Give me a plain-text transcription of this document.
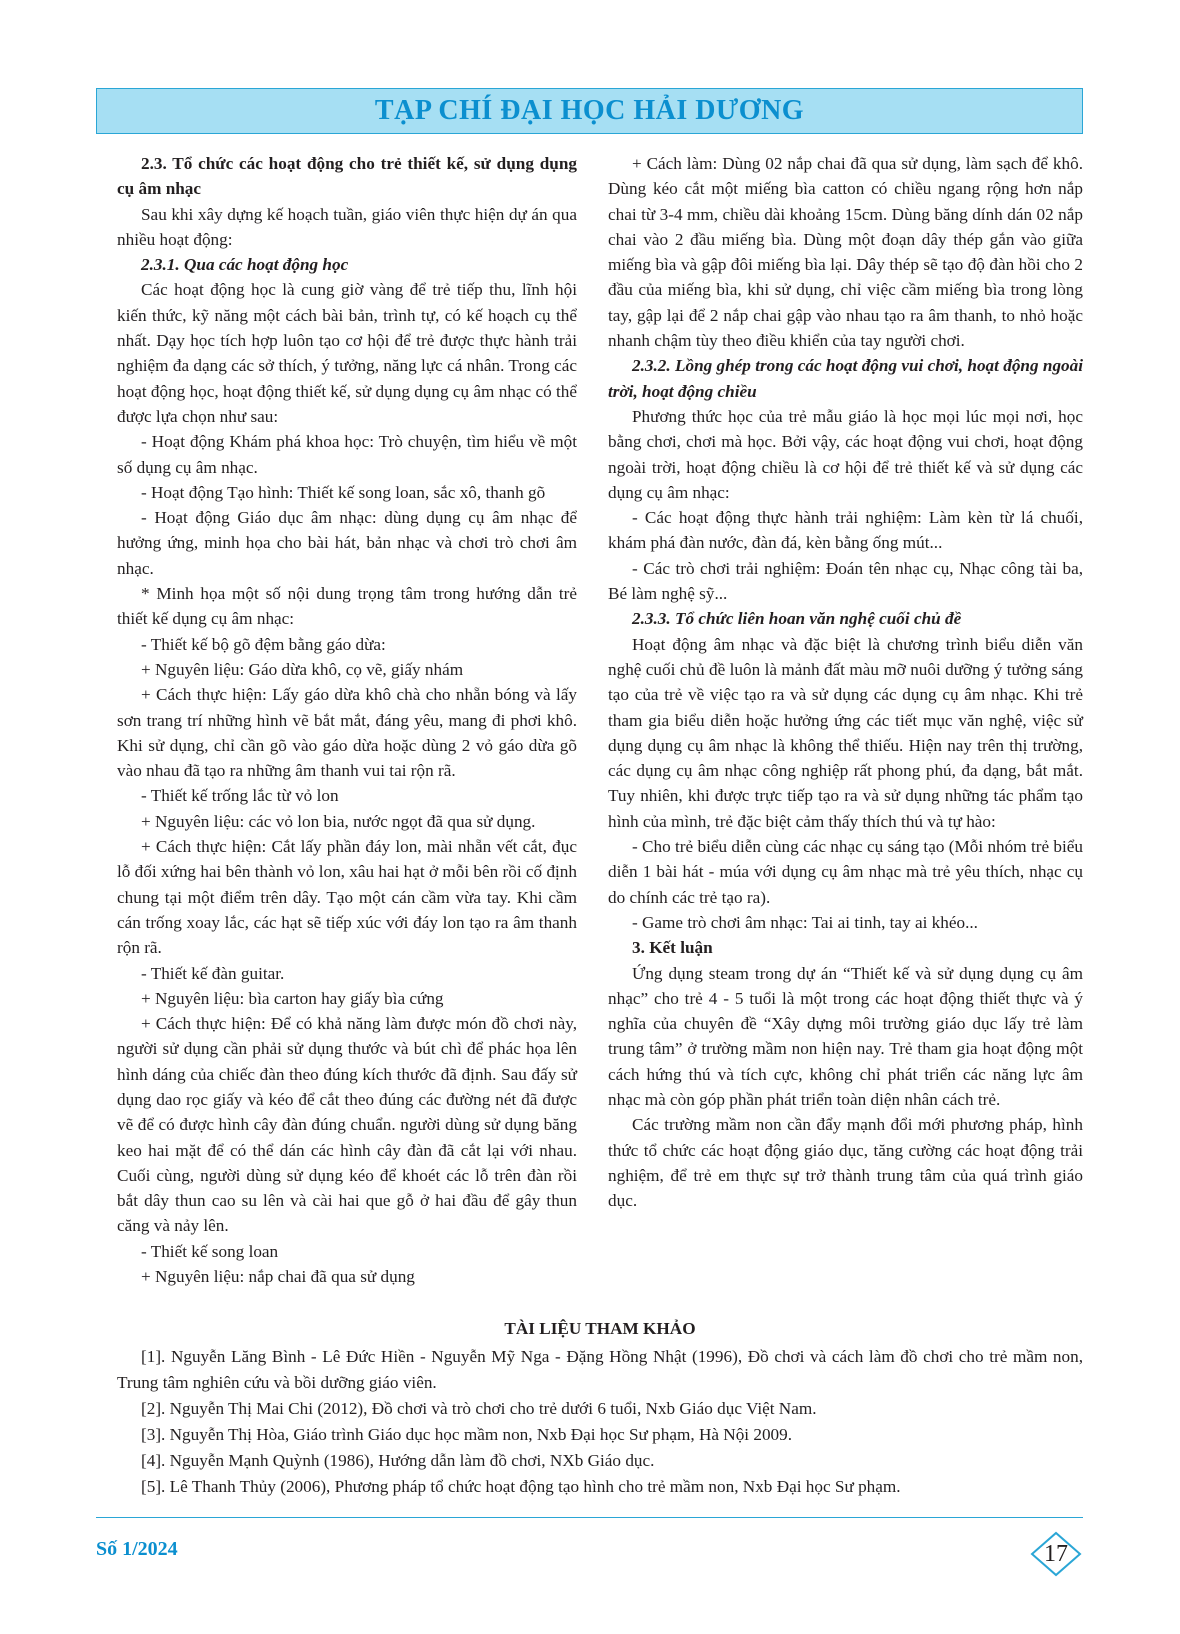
TẠP CHÍ ĐẠI HỌC HẢI DƯƠNG

2.3. Tổ chức các hoạt động cho trẻ thiết kế, sử dụng dụng cụ âm nhạc

Sau khi xây dựng kế hoạch tuần, giáo viên thực hiện dự án qua nhiều hoạt động:

2.3.1. Qua các hoạt động học

Các hoạt động học là cung giờ vàng để trẻ tiếp thu, lĩnh hội kiến thức, kỹ năng một cách bài bản, trình tự, có kế hoạch cụ thể nhất. Dạy học tích hợp luôn tạo cơ hội để trẻ được thực hành trải nghiệm đa dạng các sở thích, ý tưởng, năng lực cá nhân. Trong các hoạt động học, hoạt động thiết kế, sử dụng dụng cụ âm nhạc có thể được lựa chọn như sau:

- Hoạt động Khám phá khoa học: Trò chuyện, tìm hiểu về một số dụng cụ âm nhạc.

- Hoạt động Tạo hình: Thiết kế song loan, sắc xô, thanh gõ

- Hoạt động Giáo dục âm nhạc: dùng dụng cụ âm nhạc để hưởng ứng, minh họa cho bài hát, bản nhạc và chơi trò chơi âm nhạc.

* Minh họa một số nội dung trọng tâm trong hướng dẫn trẻ thiết kế dụng cụ âm nhạc:

- Thiết kế bộ gõ đệm bằng gáo dừa:

+ Nguyên liệu: Gáo dừa khô, cọ vẽ, giấy nhám

+ Cách thực hiện: Lấy gáo dừa khô chà cho nhẵn bóng và lấy sơn trang trí những hình vẽ bắt mắt, đáng yêu, mang đi phơi khô. Khi sử dụng, chỉ cần gõ vào gáo dừa hoặc dùng 2 vỏ gáo dừa gõ vào nhau đã tạo ra những âm thanh vui tai rộn rã.

- Thiết kế trống lắc từ vỏ lon

+ Nguyên liệu: các vỏ lon bia, nước ngọt đã qua sử dụng.

+ Cách thực hiện: Cắt lấy phần đáy lon, mài nhẵn vết cắt, đục lỗ đối xứng hai bên thành vỏ lon, xâu hai hạt ở mỗi bên rồi cố định chung tại một điểm trên dây. Tạo một cán cầm vừa tay. Khi cầm cán trống xoay lắc, các hạt sẽ tiếp xúc với đáy lon tạo ra âm thanh rộn rã.

- Thiết kế đàn guitar.

+ Nguyên liệu: bìa carton hay giấy bìa cứng

+ Cách thực hiện: Để có khả năng làm được món đồ chơi này, người sử dụng cần phải sử dụng thước và bút chì để phác họa lên hình dáng của chiếc đàn theo đúng kích thước đã định. Sau đấy sử dụng dao rọc giấy và kéo để cắt theo đúng các đường nét đã được vẽ để có được hình cây đàn đúng chuẩn. người dùng sử dụng băng keo hai mặt để có thể dán các hình cây đàn đã cắt lại với nhau. Cuối cùng, người dùng sử dụng kéo để khoét các lỗ trên đàn rồi bắt dây thun cao su lên và cài hai que gỗ ở hai đầu để gây thun căng và nảy lên.

- Thiết kế song loan

+ Nguyên liệu: nắp chai đã qua sử dụng

+ Cách làm: Dùng 02 nắp chai đã qua sử dụng, làm sạch để khô. Dùng kéo cắt một miếng bìa catton có chiều ngang rộng hơn nắp chai từ 3-4 mm, chiều dài khoảng 15cm. Dùng băng dính dán 02 nắp chai vào 2 đầu miếng bìa. Dùng một đoạn dây thép gắn vào giữa miếng bìa và gập đôi miếng bìa lại. Dây thép sẽ tạo độ đàn hồi cho 2 đầu của miếng bìa, khi sử dụng, chỉ việc cầm miếng bìa trong lòng tay, gập lại để 2 nắp chai gập vào nhau tạo ra âm thanh, to nhỏ hoặc nhanh chậm tùy theo điều khiển của tay người chơi.

2.3.2. Lồng ghép trong các hoạt động vui chơi, hoạt động ngoài trời, hoạt động chiều

Phương thức học của trẻ mẫu giáo là học mọi lúc mọi nơi, học bằng chơi, chơi mà học. Bởi vậy, các hoạt động vui chơi, hoạt động ngoài trời, hoạt động chiều là cơ hội để trẻ thiết kế và sử dụng các dụng cụ âm nhạc:

- Các hoạt động thực hành trải nghiệm: Làm kèn từ lá chuối, khám phá đàn nước, đàn đá, kèn bằng ống mút...

- Các trò chơi trải nghiệm: Đoán tên nhạc cụ, Nhạc công tài ba, Bé làm nghệ sỹ...

2.3.3. Tổ chức liên hoan văn nghệ cuối chủ đề

Hoạt động âm nhạc và đặc biệt là chương trình biểu diễn văn nghệ cuối chủ đề luôn là mảnh đất màu mỡ nuôi dưỡng ý tưởng sáng tạo của trẻ về việc tạo ra và sử dụng các dụng cụ âm nhạc. Khi trẻ tham gia biểu diễn hoặc hưởng ứng các tiết mục văn nghệ, việc sử dụng dụng cụ âm nhạc là không thể thiếu. Hiện nay trên thị trường, các dụng cụ âm nhạc công nghiệp rất phong phú, đa dạng, bắt mắt. Tuy nhiên, khi được trực tiếp tạo ra và sử dụng những tác phẩm tạo hình của mình, trẻ đặc biệt cảm thấy thích thú và tự hào:

- Cho trẻ biểu diễn cùng các nhạc cụ sáng tạo (Mỗi nhóm trẻ biểu diễn 1 bài hát - múa với dụng cụ âm nhạc mà trẻ yêu thích, nhạc cụ do chính các trẻ tạo ra).

- Game trò chơi âm nhạc: Tai ai tinh, tay ai khéo...

3. Kết luận

Ứng dụng steam trong dự án “Thiết kế và sử dụng dụng cụ âm nhạc” cho trẻ 4 - 5 tuổi là một trong các hoạt động thiết thực và ý nghĩa của chuyên đề “Xây dựng môi trường giáo dục lấy trẻ làm trung tâm” ở trường mầm non hiện nay. Trẻ tham gia hoạt động một cách hứng thú và tích cực, không chỉ phát triển các năng lực âm nhạc mà còn góp phần phát triển toàn diện nhân cách trẻ.

Các trường mầm non cần đẩy mạnh đổi mới phương pháp, hình thức tổ chức các hoạt động giáo dục, tăng cường các hoạt động trải nghiệm, để trẻ em thực sự trở thành trung tâm của quá trình giáo dục.

TÀI LIỆU THAM KHẢO

[1]. Nguyễn Lăng Bình - Lê Đức Hiền - Nguyễn Mỹ Nga - Đặng Hồng Nhật (1996), Đồ chơi và cách làm đồ chơi cho trẻ mầm non, Trung tâm nghiên cứu và bồi dưỡng giáo viên.

[2]. Nguyễn Thị Mai Chi (2012), Đồ chơi và trò chơi cho trẻ dưới 6 tuổi, Nxb Giáo dục Việt Nam.

[3]. Nguyễn Thị Hòa, Giáo trình Giáo dục học mầm non, Nxb Đại học Sư phạm, Hà Nội 2009.

[4]. Nguyễn Mạnh Quỳnh (1986), Hướng dẫn làm đồ chơi, NXb Giáo dục.

[5]. Lê Thanh Thủy (2006), Phương pháp tổ chức hoạt động tạo hình cho trẻ mầm non, Nxb Đại học Sư phạm.

Số 1/2024	17
